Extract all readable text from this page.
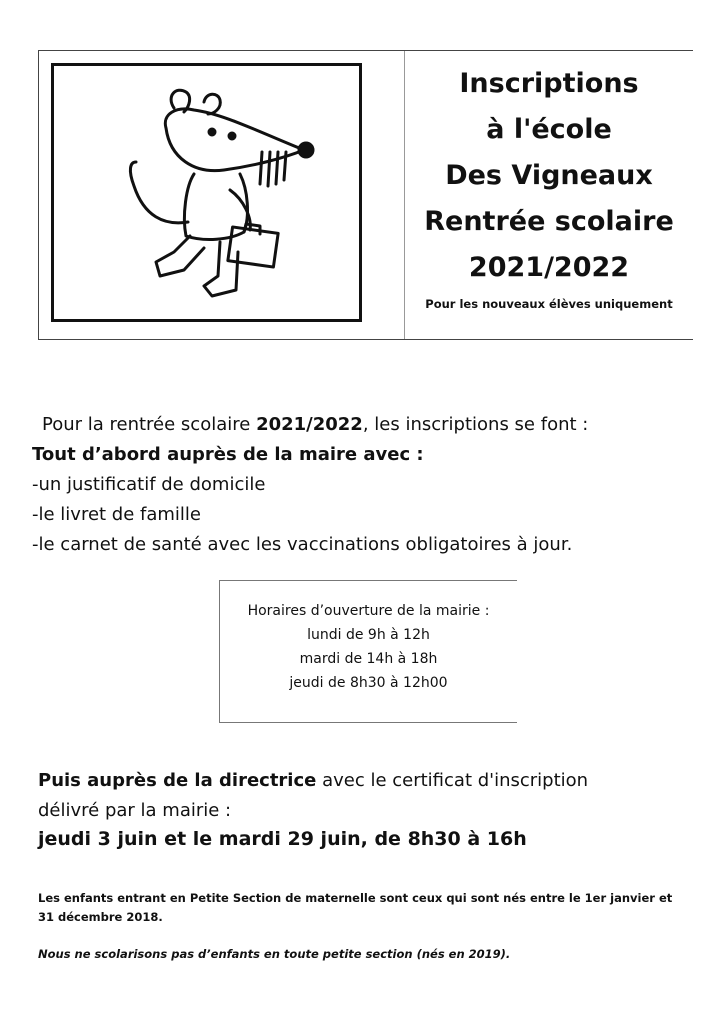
Inscriptions
à l'école
Des Vigneaux
Rentrée scolaire
2021/2022
Pour les nouveaux élèves uniquement

Pour la rentrée scolaire 2021/2022, les inscriptions se font :

Tout d’abord auprès de la maire avec :

-un justificatif de domicile

-le livret de famille

-le carnet de santé avec les vaccinations obligatoires à jour.

Horaires d’ouverture de la mairie :
lundi de 9h à 12h
mardi de 14h à 18h
jeudi de 8h30 à 12h00

Puis auprès de la directrice avec le certificat d'inscription

délivré par la mairie :

jeudi 3 juin et le mardi 29 juin, de 8h30 à 16h

Les enfants entrant en Petite Section de maternelle sont ceux qui sont nés entre le 1er janvier et 31 décembre 2018.

Nous ne scolarisons pas d’enfants en toute petite section (nés en 2019).
